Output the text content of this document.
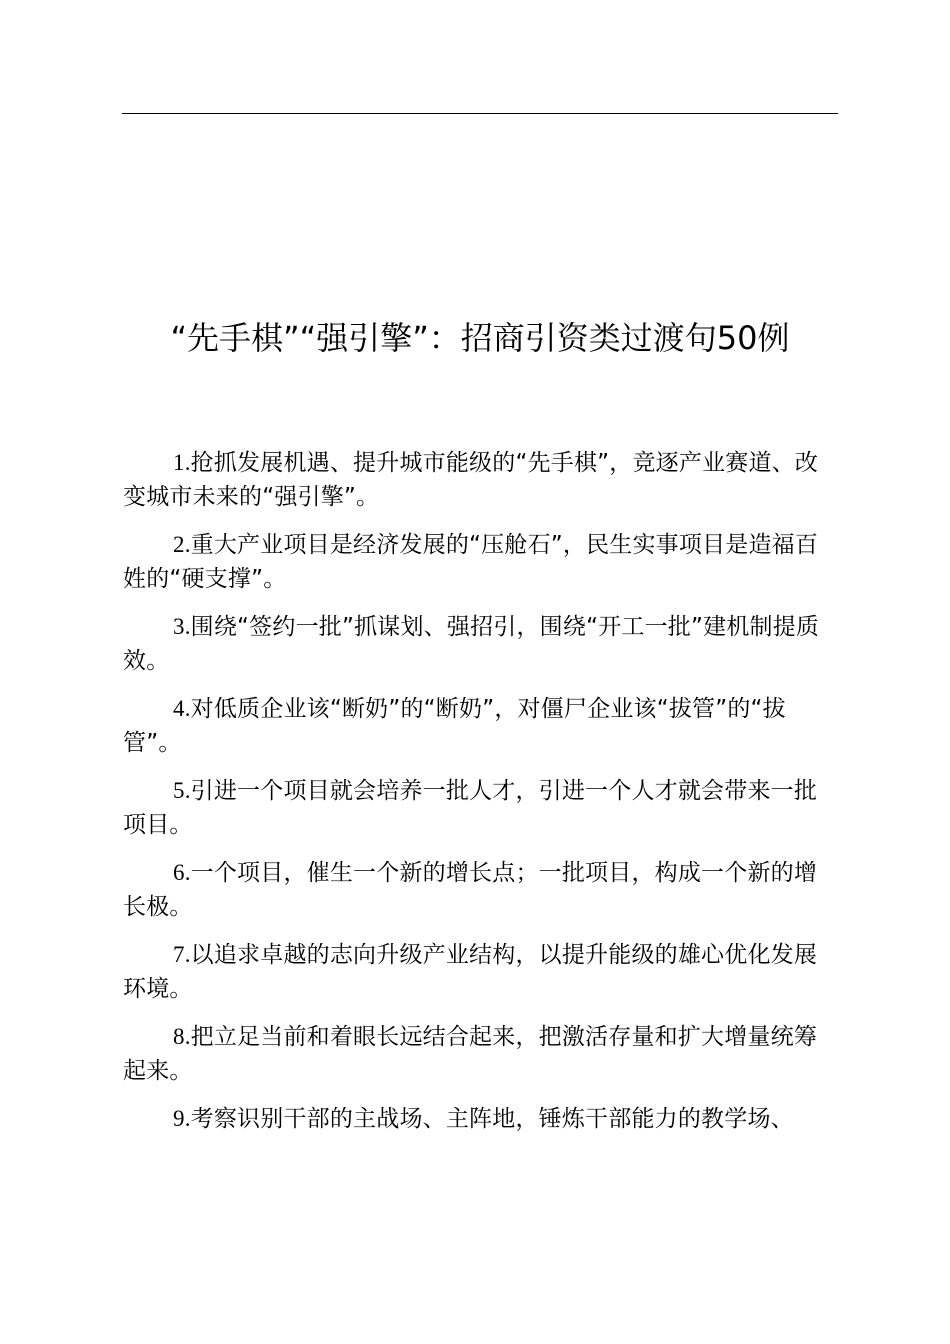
“先手棋”“强引擎”：招商引资类过渡句50例

1.抢抓发展机遇、提升城市能级的“先手棋”，竞逐产业赛道、改变城市未来的“强引擎”。

2.重大产业项目是经济发展的“压舱石”，民生实事项目是造福百姓的“硬支撑”。

3.围绕“签约一批”抓谋划、强招引，围绕“开工一批”建机制提质效。

4.对低质企业该“断奶”的“断奶”，对僵尸企业该“拔管”的“拔管”。

5.引进一个项目就会培养一批人才，引进一个人才就会带来一批项目。

6.一个项目，催生一个新的增长点；一批项目，构成一个新的增长极。

7.以追求卓越的志向升级产业结构，以提升能级的雄心优化发展环境。

8.把立足当前和着眼长远结合起来，把激活存量和扩大增量统筹起来。

9.考察识别干部的主战场、主阵地，锤炼干部能力的教学场、
